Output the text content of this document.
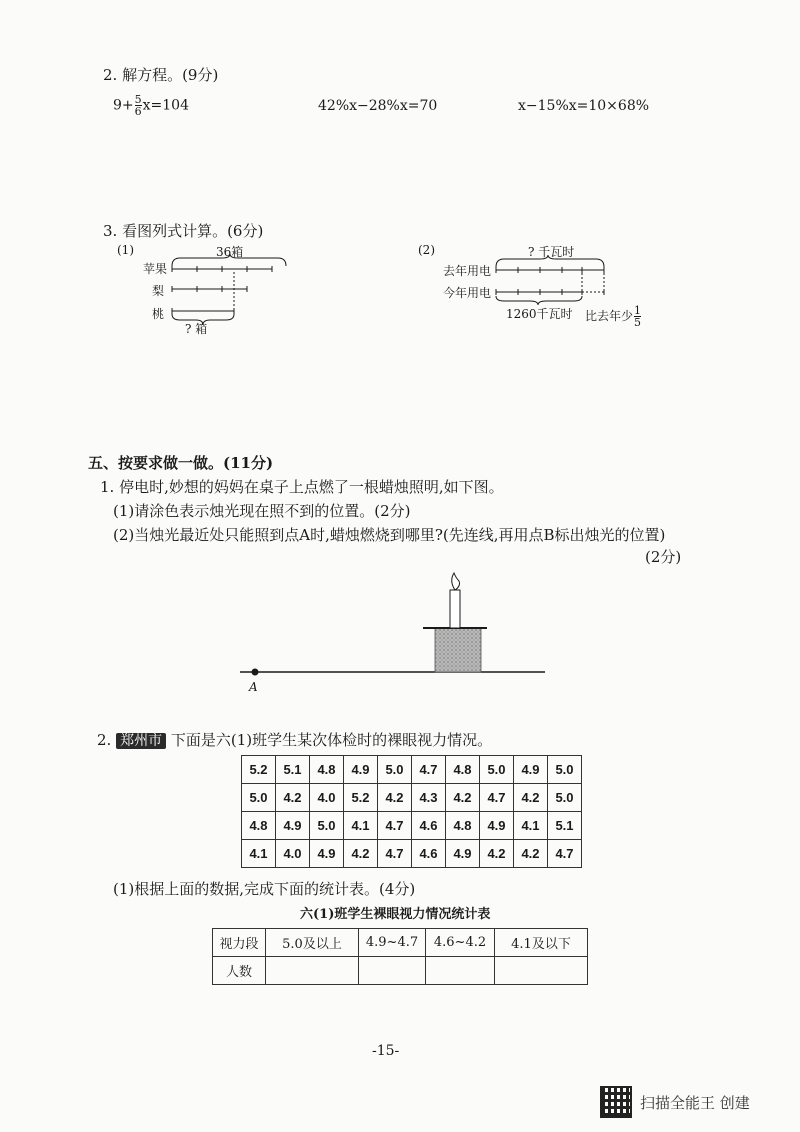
2. 解方程。(9分)
$9+ \frac{5}{6} x=104$	42%x−28%x=70	x−15%x=10×68%
3. 看图列式计算。(6分)
(1)	36箱
苹果
梨
桃
? 箱
(2)	? 千瓦时
去年用电
今年用电
1260千瓦时 比去年少 $\frac{1}{5}$
五、按要求做一做。(11分)
1. 停电时,妙想的妈妈在桌子上点燃了一根蜡烛照明,如下图。
(1)请涂色表示烛光现在照不到的位置。(2分)
(2)当烛光最近处只能照到点A时,蜡烛燃烧到哪里?(先连线,再用点B标出烛光的位置)
(2分)
A
2. 郑州市 下面是六(1)班学生某次体检时的裸眼视力情况。
5.2	5.1	4.8	4.9	5.0	4.7	4.8	5.0	4.9	5.0
5.0	4.2	4.0	5.2	4.2	4.3	4.2	4.7	4.2	5.0
4.8	4.9	5.0	4.1	4.7	4.6	4.8	4.9	4.1	5.1
4.1	4.0	4.9	4.2	4.7	4.6	4.9	4.2	4.2	4.7
(1)根据上面的数据,完成下面的统计表。(4分)
六(1)班学生裸眼视力情况统计表
视力段	5.0及以上	4.9~4.7	4.6~4.2	4.1及以下
人数				
-15-
扫描全能王 创建
